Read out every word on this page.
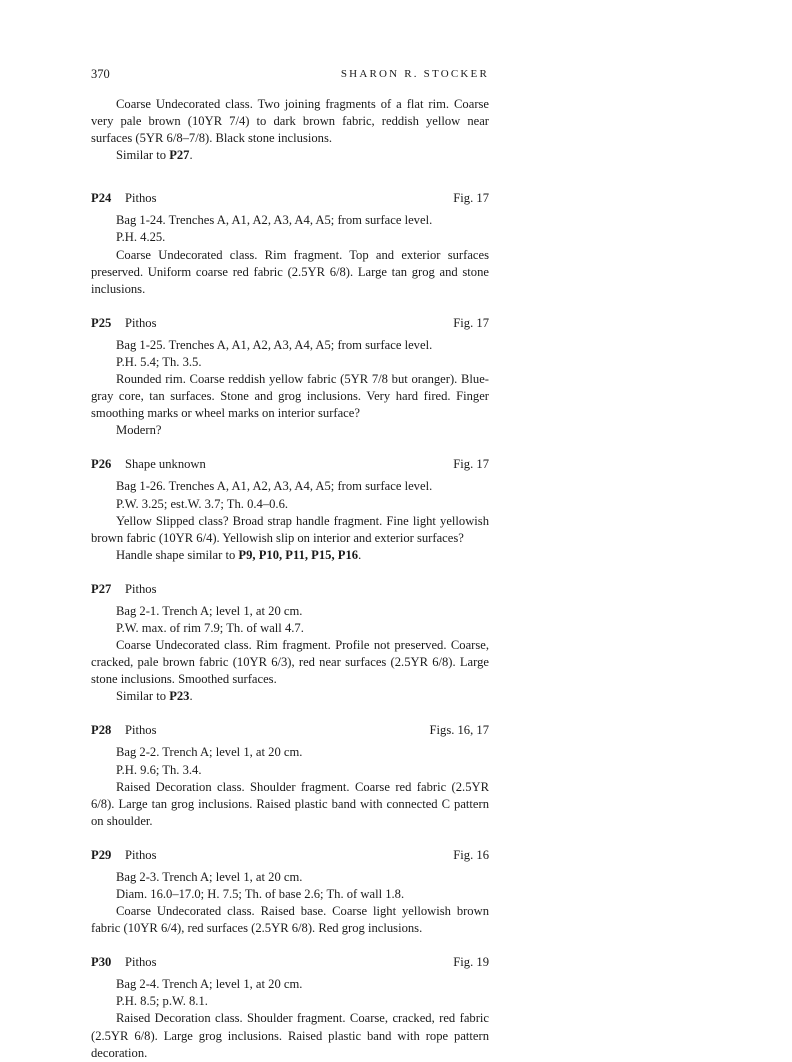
370	SHARON R. STOCKER

Coarse Undecorated class. Two joining fragments of a flat rim. Coarse very pale brown (10YR 7/4) to dark brown fabric, reddish yellow near surfaces (5YR 6/8–7/8). Black stone inclusions.

Similar to P27.

P24 Pithos	Fig. 17

Bag 1-24. Trenches A, A1, A2, A3, A4, A5; from surface level.

P.H. 4.25.

Coarse Undecorated class. Rim fragment. Top and exterior surfaces preserved. Uniform coarse red fabric (2.5YR 6/8). Large tan grog and stone inclusions.

P25 Pithos	Fig. 17

Bag 1-25. Trenches A, A1, A2, A3, A4, A5; from surface level.

P.H. 5.4; Th. 3.5.

Rounded rim. Coarse reddish yellow fabric (5YR 7/8 but oranger). Blue-gray core, tan surfaces. Stone and grog inclusions. Very hard fired. Finger smoothing marks or wheel marks on interior surface?

Modern?

P26 Shape unknown	Fig. 17

Bag 1-26. Trenches A, A1, A2, A3, A4, A5; from surface level.

P.W. 3.25; est.W. 3.7; Th. 0.4–0.6.

Yellow Slipped class? Broad strap handle fragment. Fine light yellowish brown fabric (10YR 6/4). Yellowish slip on interior and exterior surfaces?

Handle shape similar to P9, P10, P11, P15, P16.

P27 Pithos

Bag 2-1. Trench A; level 1, at 20 cm.

P.W. max. of rim 7.9; Th. of wall 4.7.

Coarse Undecorated class. Rim fragment. Profile not preserved. Coarse, cracked, pale brown fabric (10YR 6/3), red near surfaces (2.5YR 6/8). Large stone inclusions. Smoothed surfaces.

Similar to P23.

P28 Pithos	Figs. 16, 17

Bag 2-2. Trench A; level 1, at 20 cm.

P.H. 9.6; Th. 3.4.

Raised Decoration class. Shoulder fragment. Coarse red fabric (2.5YR 6/8). Large tan grog inclusions. Raised plastic band with connected C pattern on shoulder.

P29 Pithos	Fig. 16

Bag 2-3. Trench A; level 1, at 20 cm.

Diam. 16.0–17.0; H. 7.5; Th. of base 2.6; Th. of wall 1.8.

Coarse Undecorated class. Raised base. Coarse light yellowish brown fabric (10YR 6/4), red surfaces (2.5YR 6/8). Red grog inclusions.

P30 Pithos	Fig. 19

Bag 2-4. Trench A; level 1, at 20 cm.

P.H. 8.5; p.W. 8.1.

Raised Decoration class. Shoulder fragment. Coarse, cracked, red fabric (2.5YR 6/8). Large grog inclusions. Raised plastic band with rope pattern decoration.
